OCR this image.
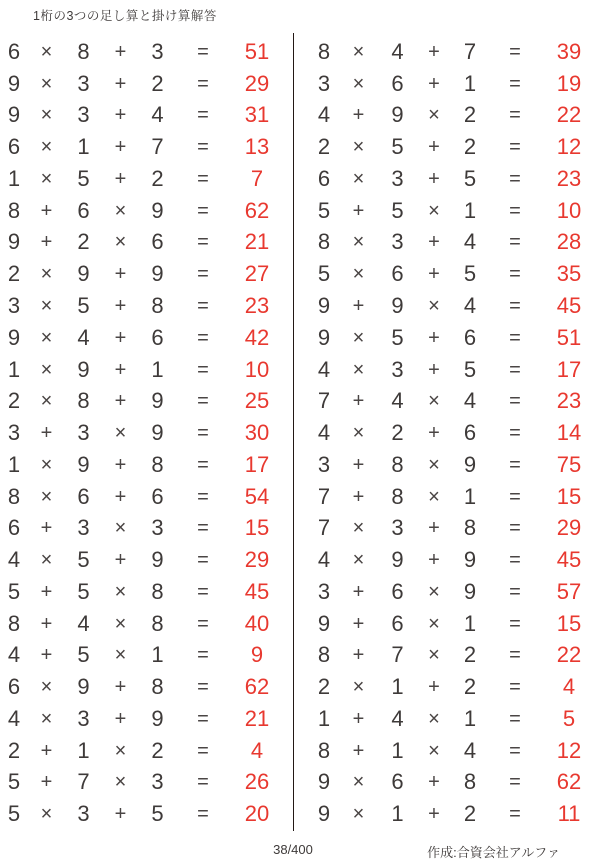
1桁の3つの足し算と掛け算解答
6	×	8	+	3	=	51
9	×	3	+	2	=	29
9	×	3	+	4	=	31
6	×	1	+	7	=	13
1	×	5	+	2	=	7
8	+	6	×	9	=	62
9	+	2	×	6	=	21
2	×	9	+	9	=	27
3	×	5	+	8	=	23
9	×	4	+	6	=	42
1	×	9	+	1	=	10
2	×	8	+	9	=	25
3	+	3	×	9	=	30
1	×	9	+	8	=	17
8	×	6	+	6	=	54
6	+	3	×	3	=	15
4	×	5	+	9	=	29
5	+	5	×	8	=	45
8	+	4	×	8	=	40
4	+	5	×	1	=	9
6	×	9	+	8	=	62
4	×	3	+	9	=	21
2	+	1	×	2	=	4
5	+	7	×	3	=	26
5	×	3	+	5	=	20
8	×	4	+	7	=	39
3	×	6	+	1	=	19
4	+	9	×	2	=	22
2	×	5	+	2	=	12
6	×	3	+	5	=	23
5	+	5	×	1	=	10
8	×	3	+	4	=	28
5	×	6	+	5	=	35
9	+	9	×	4	=	45
9	×	5	+	6	=	51
4	×	3	+	5	=	17
7	+	4	×	4	=	23
4	×	2	+	6	=	14
3	+	8	×	9	=	75
7	+	8	×	1	=	15
7	×	3	+	8	=	29
4	×	9	+	9	=	45
3	+	6	×	9	=	57
9	+	6	×	1	=	15
8	+	7	×	2	=	22
2	×	1	+	2	=	4
1	+	4	×	1	=	5
8	+	1	×	4	=	12
9	×	6	+	8	=	62
9	×	1	+	2	=	11
38/400	作成:合資会社アルファ
